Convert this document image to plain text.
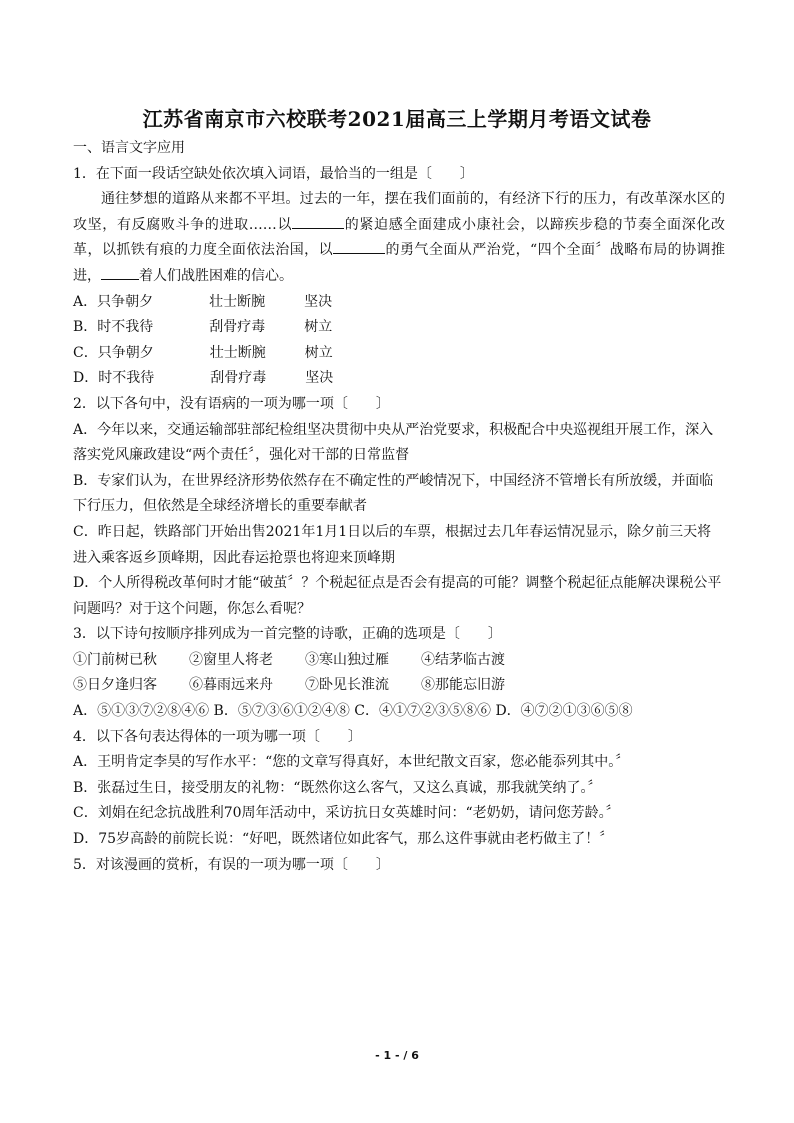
江苏省南京市六校联考2021届高三上学期月考语文试卷

一、语言文字应用

1．在下面一段话空缺处依次填入词语，最恰当的一组是〔　　〕

通往梦想的道路从来都不平坦。过去的一年，摆在我们面前的，有经济下行的压力，有改革深水区的攻坚，有反腐败斗争的进取……以	的紧迫感全面建成小康社会，以蹄疾步稳的节奏全面深化改革，以抓铁有痕的力度全面依法治国，以	的勇气全面从严治党，“四个全面〞战略布局的协调推进，	着人们战胜困难的信心。

A．只争朝夕	壮士断腕	坚决

B．时不我待	刮骨疗毒	树立

C．只争朝夕	壮士断腕	树立

D．时不我待	刮骨疗毒	坚决

2．以下各句中，没有语病的一项为哪一项〔　　〕

A．今年以来，交通运输部驻部纪检组坚决贯彻中央从严治党要求，积极配合中央巡视组开展工作，深入落实党风廉政建设“两个责任〞，强化对干部的日常监督

B．专家们认为，在世界经济形势依然存在不确定性的严峻情况下，中国经济不管增长有所放缓，并面临下行压力，但依然是全球经济增长的重要奉献者

C．昨日起，铁路部门开始出售2021年1月1日以后的车票，根据过去几年春运情况显示，除夕前三天将进入乘客返乡顶峰期，因此春运抢票也将迎来顶峰期

D．个人所得税改革何时才能“破茧〞？个税起征点是否会有提高的可能？调整个税起征点能解决课税公平问题吗？对于这个问题，你怎么看呢？

3．以下诗句按顺序排列成为一首完整的诗歌，正确的选项是〔　　〕

①门前树已秋 ②窗里人将老 ③寒山独过雁 ④结茅临古渡

⑤日夕逢归客 ⑥暮雨远来舟 ⑦卧见长淮流 ⑧那能忘旧游

A．⑤①③⑦②⑧④⑥ B．⑤⑦③⑥①②④⑧ C．④①⑦②③⑤⑧⑥ D．④⑦②①③⑥⑤⑧

4．以下各句表达得体的一项为哪一项〔　　〕

A．王明肯定李昊的写作水平：“您的文章写得真好，本世纪散文百家，您必能忝列其中。〞

B．张磊过生日，接受朋友的礼物：“既然你这么客气，又这么真诚，那我就笑纳了。〞

C．刘娟在纪念抗战胜利70周年活动中，采访抗日女英雄时问：“老奶奶，请问您芳龄。〞

D．75岁高龄的前院长说：“好吧，既然诸位如此客气，那么这件事就由老朽做主了！〞

5．对该漫画的赏析，有误的一项为哪一项〔　　〕

- 1 - / 6
